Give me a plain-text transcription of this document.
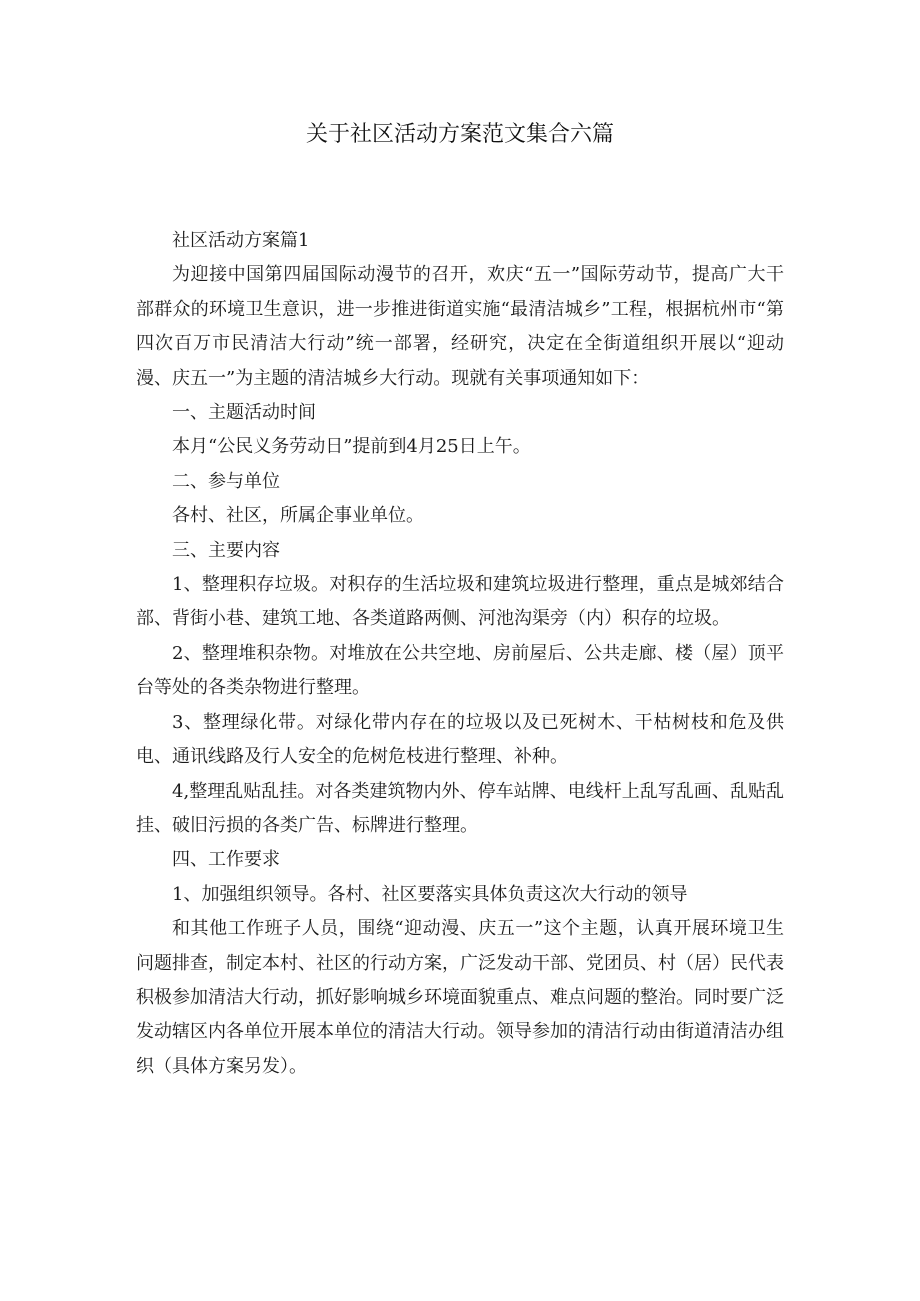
关于社区活动方案范文集合六篇

社区活动方案篇1

为迎接中国第四届国际动漫节的召开，欢庆“五一”国际劳动节，提高广大干部群众的环境卫生意识，进一步推进街道实施“最清洁城乡”工程，根据杭州市“第四次百万市民清洁大行动”统一部署，经研究，决定在全街道组织开展以“迎动漫、庆五一”为主题的清洁城乡大行动。现就有关事项通知如下：

一、主题活动时间

本月“公民义务劳动日”提前到4月25日上午。

二、参与单位

各村、社区，所属企事业单位。

三、主要内容

1、整理积存垃圾。对积存的生活垃圾和建筑垃圾进行整理，重点是城郊结合部、背街小巷、建筑工地、各类道路两侧、河池沟渠旁（内）积存的垃圾。

2、整理堆积杂物。对堆放在公共空地、房前屋后、公共走廊、楼（屋）顶平台等处的各类杂物进行整理。

3、整理绿化带。对绿化带内存在的垃圾以及已死树木、干枯树枝和危及供电、通讯线路及行人安全的危树危枝进行整理、补种。

4,整理乱贴乱挂。对各类建筑物内外、停车站牌、电线杆上乱写乱画、乱贴乱挂、破旧污损的各类广告、标牌进行整理。

四、工作要求

1、加强组织领导。各村、社区要落实具体负责这次大行动的领导

和其他工作班子人员，围绕“迎动漫、庆五一”这个主题，认真开展环境卫生问题排查，制定本村、社区的行动方案，广泛发动干部、党团员、村（居）民代表积极参加清洁大行动，抓好影响城乡环境面貌重点、难点问题的整治。同时要广泛发动辖区内各单位开展本单位的清洁大行动。领导参加的清洁行动由街道清洁办组织（具体方案另发）。
